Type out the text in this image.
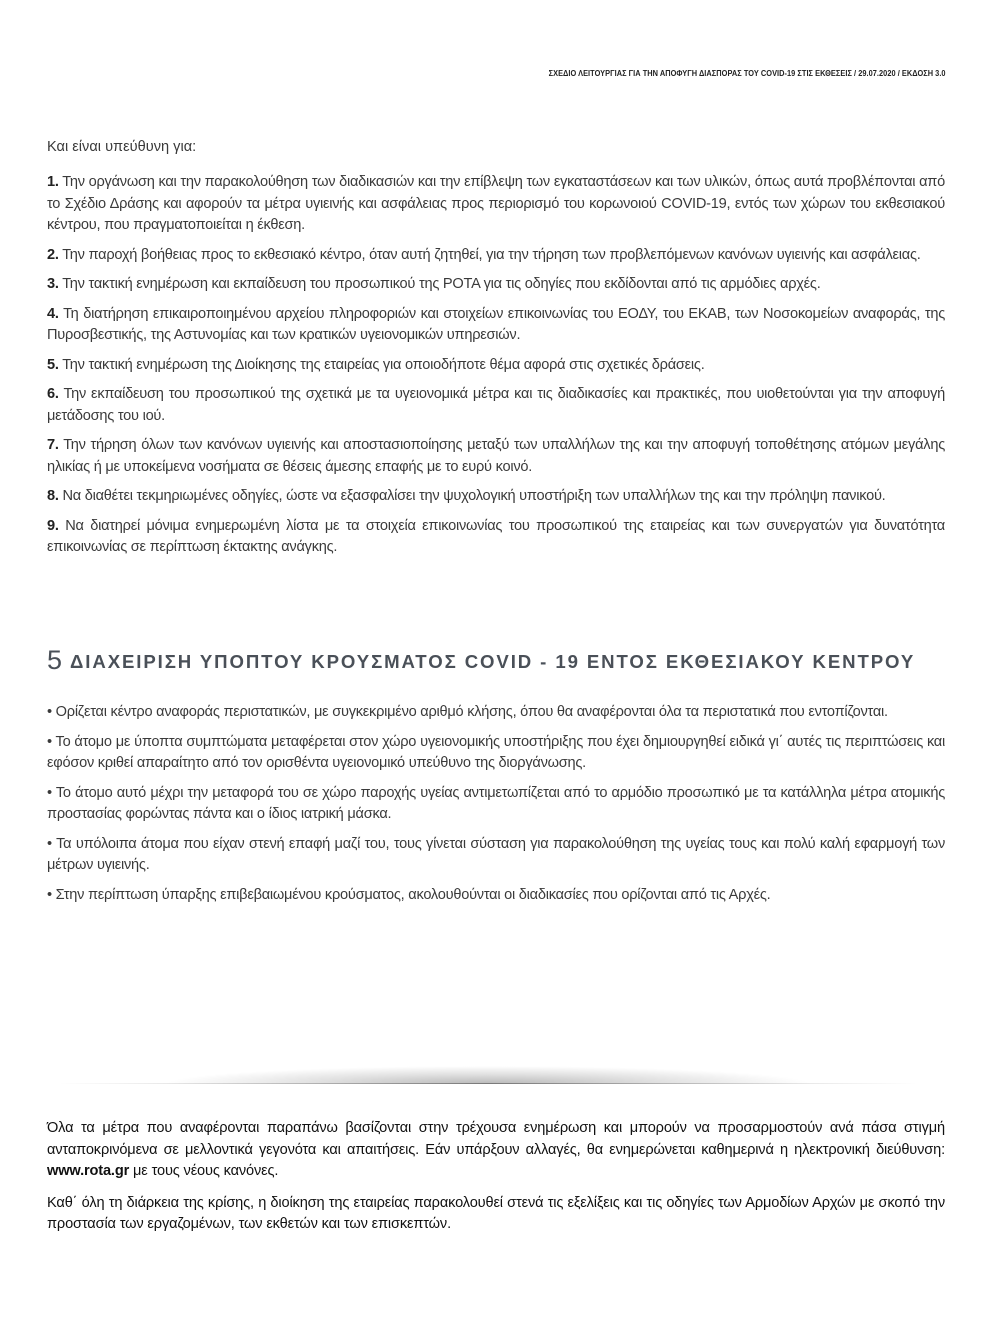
ΣΧΕΔΙΟ ΛΕΙΤΟΥΡΓΙΑΣ ΓΙΑ ΤΗΝ ΑΠΟΦΥΓΗ ΔΙΑΣΠΟΡΑΣ ΤΟΥ COVID-19 ΣΤΙΣ ΕΚΘΕΣΕΙΣ / 29.07.2020 / ΕΚΔΟΣΗ 3.0
Και είναι υπεύθυνη για:

1. Την οργάνωση και την παρακολούθηση των διαδικασιών και την επίβλεψη των εγκαταστάσεων και των υλικών, όπως αυτά προβλέπονται από το Σχέδιο Δράσης και αφορούν τα μέτρα υγιεινής και ασφάλειας προς περιορισμό του κορωνοιού COVID-19, εντός των χώρων του εκθεσιακού κέντρου, που πραγματοποιείται η έκθεση.

2. Την παροχή βοήθειας προς το εκθεσιακό κέντρο, όταν αυτή ζητηθεί, για την τήρηση των προβλεπόμενων κανόνων υγιεινής και ασφάλειας.

3. Την τακτική ενημέρωση και εκπαίδευση του προσωπικού της ΡΟΤΑ για τις οδηγίες που εκδίδονται από τις αρμόδιες αρχές.

4. Τη διατήρηση επικαιροποιημένου αρχείου πληροφοριών και στοιχείων επικοινωνίας του ΕΟΔΥ, του ΕΚΑΒ, των Νοσοκομείων αναφοράς, της Πυροσβεστικής, της Αστυνομίας και των κρατικών υγειονομικών υπηρεσιών.

5. Την τακτική ενημέρωση της Διοίκησης της εταιρείας για οποιοδήποτε θέμα αφορά στις σχετικές δράσεις.

6. Την εκπαίδευση του προσωπικού της σχετικά με τα υγειονομικά μέτρα και τις διαδικασίες και πρακτικές, που υιοθετούνται για την αποφυγή μετάδοσης του ιού.

7. Την τήρηση όλων των κανόνων υγιεινής και αποστασιοποίησης μεταξύ των υπαλλήλων της και την αποφυγή τοποθέτησης ατόμων μεγάλης ηλικίας ή με υποκείμενα νοσήματα σε θέσεις άμεσης επαφής με το ευρύ κοινό.

8. Να διαθέτει τεκμηριωμένες οδηγίες, ώστε να εξασφαλίσει την ψυχολογική υποστήριξη των υπαλλήλων της και την πρόληψη πανικού.

9. Να διατηρεί μόνιμα ενημερωμένη λίστα με τα στοιχεία επικοινωνίας του προσωπικού της εταιρείας και των συνεργατών για δυνατότητα επικοινωνίας σε περίπτωση έκτακτης ανάγκης.

5 ΔΙΑΧΕΙΡΙΣΗ ΥΠΟΠΤΟΥ ΚΡΟΥΣΜΑΤΟΣ COVID - 19 ΕΝΤΟΣ ΕΚΘΕΣΙΑΚΟΥ ΚΕΝΤΡΟΥ

• Ορίζεται κέντρο αναφοράς περιστατικών, με συγκεκριμένο αριθμό κλήσης, όπου θα αναφέρονται όλα τα περιστατικά που εντοπίζονται.

• Το άτομο με ύποπτα συμπτώματα μεταφέρεται στον χώρο υγειονομικής υποστήριξης που έχει δημιουργηθεί ειδικά γι΄ αυτές τις περιπτώσεις και εφόσον κριθεί απαραίτητο από τον ορισθέντα υγειονομικό υπεύθυνο της διοργάνωσης.

• Το άτομο αυτό μέχρι την μεταφορά του σε χώρο παροχής υγείας αντιμετωπίζεται από το αρμόδιο προσωπικό με τα κατάλληλα μέτρα ατομικής προστασίας φορώντας πάντα και ο ίδιος ιατρική μάσκα.

• Τα υπόλοιπα άτομα που είχαν στενή επαφή μαζί του, τους γίνεται σύσταση για παρακολούθηση της υγείας τους και πολύ καλή εφαρμογή των μέτρων υγιεινής.

• Στην περίπτωση ύπαρξης επιβεβαιωμένου κρούσματος, ακολουθούνται οι διαδικασίες που ορίζονται από τις Αρχές.

Όλα τα μέτρα που αναφέρονται παραπάνω βασίζονται στην τρέχουσα ενημέρωση και μπορούν να προσαρμοστούν ανά πάσα στιγμή ανταποκρινόμενα σε μελλοντικά γεγονότα και απαιτήσεις. Εάν υπάρξουν αλλαγές, θα ενημερώνεται καθημερινά η ηλεκτρονική διεύθυνση: www.rota.gr με τους νέους κανόνες.

Καθ΄ όλη τη διάρκεια της κρίσης, η διοίκηση της εταιρείας παρακολουθεί στενά τις εξελίξεις και τις οδηγίες των Αρμοδίων Αρχών με σκοπό την προστασία των εργαζομένων, των εκθετών και των επισκεπτών.
